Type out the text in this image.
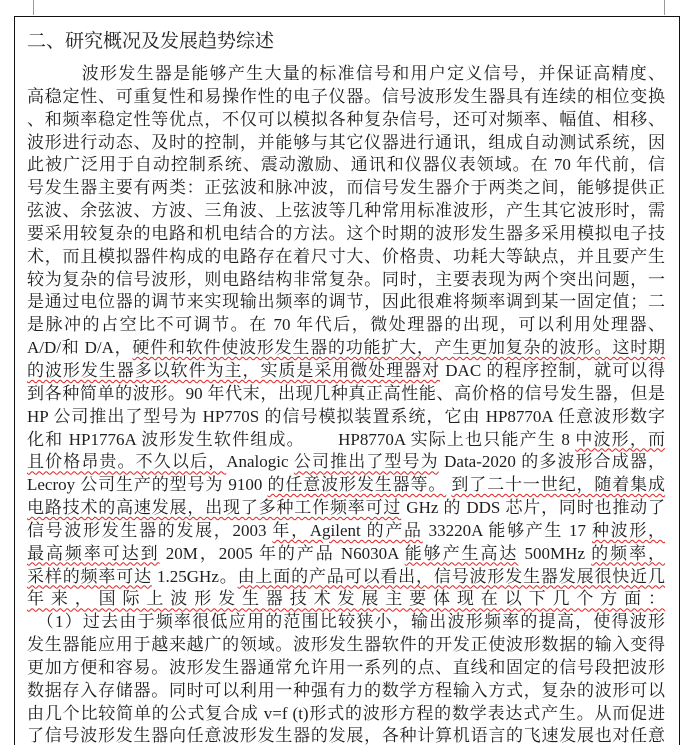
二、研究概况及发展趋势综述
　　　波形发生器是能够产生大量的标准信号和用户定义信号，并保证高精度、
高稳定性、可重复性和易操作性的电子仪器。信号波形发生器具有连续的相位变换
、和频率稳定性等优点，不仅可以模拟各种复杂信号，还可对频率、幅值、相移、
波形进行动态、及时的控制，并能够与其它仪器进行通讯，组成自动测试系统，因
此被广泛用于自动控制系统、震动激励、通讯和仪器仪表领域。在 70 年代前，信
号发生器主要有两类：正弦波和脉冲波，而信号发生器介于两类之间，能够提供正
弦波、余弦波、方波、三角波、上弦波等几种常用标准波形，产生其它波形时，需
要采用较复杂的电路和机电结合的方法。这个时期的波形发生器多采用模拟电子技
术，而且模拟器件构成的电路存在着尺寸大、价格贵、功耗大等缺点，并且要产生
较为复杂的信号波形，则电路结构非常复杂。同时，主要表现为两个突出问题，一
是通过电位器的调节来实现输出频率的调节，因此很难将频率调到某一固定值；二
是脉冲的占空比不可调节。在 70 年代后，微处理器的出现，可以利用处理器、
A/D/和 D/A，硬件和软件使波形发生器的功能扩大，产生更加复杂的波形。这时期
的波形发生器多以软件为主，实质是采用微处理器对 DAC 的程序控制，就可以得
到各种简单的波形。90 年代末，出现几种真正高性能、高价格的信号发生器，但是
HP 公司推出了型号为 HP770S 的信号模拟装置系统，它由 HP8770A 任意波形数字
化和 HP1776A 波形发生软件组成。　　 HP8770A 实际上也只能产生 8 中波形，而
且价格昂贵。不久以后，Analogic 公司推出了型号为 Data-2020 的多波形合成器，
Lecroy 公司生产的型号为 9100 的任意波形发生器等。 到了二十一世纪，随着集成
电路技术的高速发展，出现了多种工作频率可过 GHz 的 DDS 芯片，同时也推动了
信号波形发生器的发展，2003 年，Agilent 的产品 33220A 能够产生 17 种波形，
最高频率可达到 20M，2005 年的产品 N6030A 能够产生高达 500MHz 的频率，
采样的频率可达 1.25GHz。由上面的产品可以看出，信号波形发生器发展很快近几
年来，国际上波形发生器技术发展主要体现在以下几个方面：
　（1）过去由于频率很低应用的范围比较狭小，输出波形频率的提高，使得波形
发生器能应用于越来越广的领域。波形发生器软件的开发正使波形数据的输入变得
更加方便和容易。波形发生器通常允许用一系列的点、直线和固定的信号段把波形
数据存入存储器。同时可以利用一种强有力的数学方程输入方式，复杂的波形可以
由几个比较简单的公式复合成 v=f (t)形式的波形方程的数学表达式产生。从而促进
了信号波形发生器向任意波形发生器的发展，各种计算机语言的飞速发展也对任意
